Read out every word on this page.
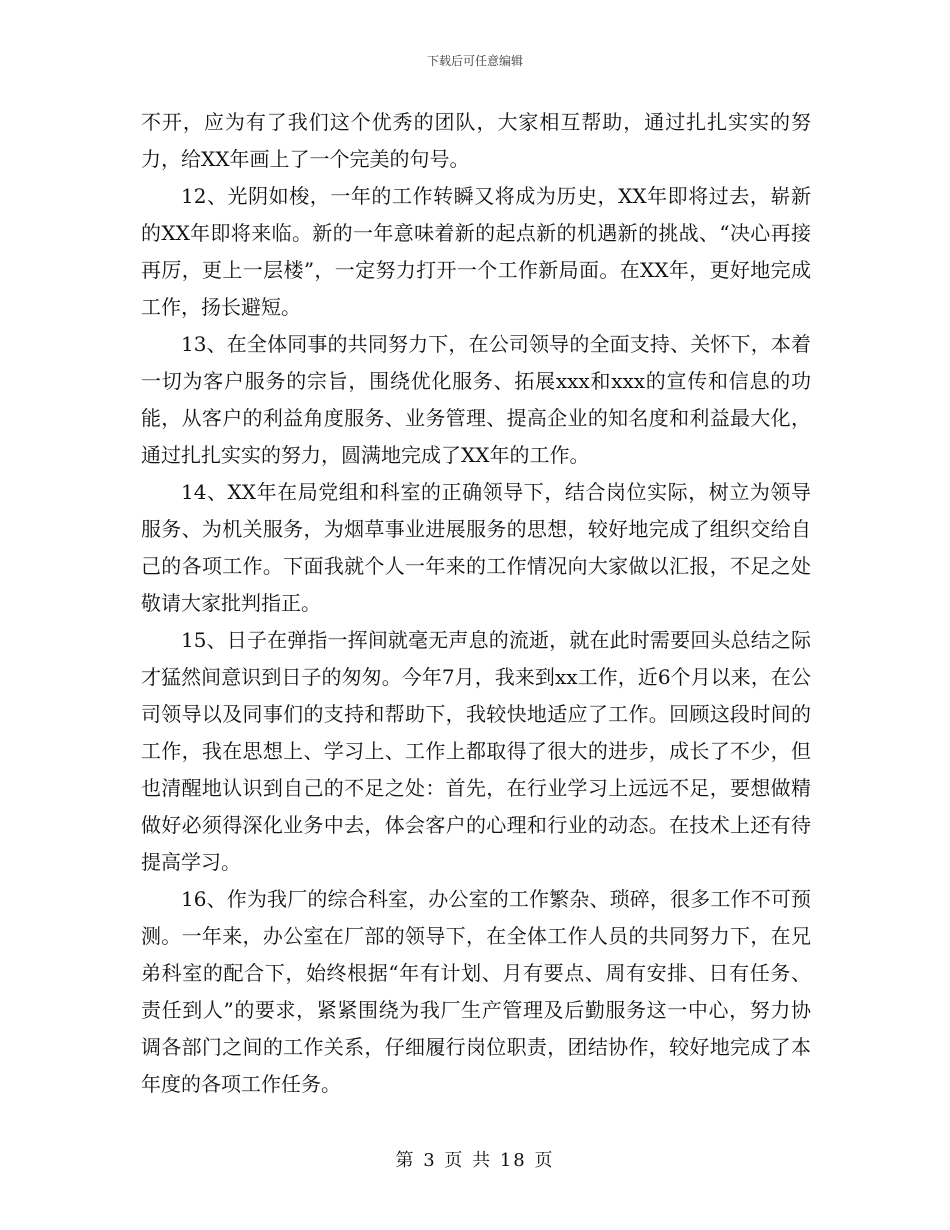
下载后可任意编辑

不开，应为有了我们这个优秀的团队，大家相互帮助，通过扎扎实实的努力，给XX年画上了一个完美的句号。

12、光阴如梭，一年的工作转瞬又将成为历史，XX年即将过去，崭新的XX年即将来临。新的一年意味着新的起点新的机遇新的挑战、“决心再接再厉，更上一层楼”，一定努力打开一个工作新局面。在XX年，更好地完成工作，扬长避短。

13、在全体同事的共同努力下，在公司领导的全面支持、关怀下，本着一切为客户服务的宗旨，围绕优化服务、拓展xxx和xxx的宣传和信息的功能，从客户的利益角度服务、业务管理、提高企业的知名度和利益最大化，通过扎扎实实的努力，圆满地完成了XX年的工作。

14、XX年在局党组和科室的正确领导下，结合岗位实际，树立为领导服务、为机关服务，为烟草事业进展服务的思想，较好地完成了组织交给自己的各项工作。下面我就个人一年来的工作情况向大家做以汇报，不足之处敬请大家批判指正。

15、日子在弹指一挥间就毫无声息的流逝，就在此时需要回头总结之际才猛然间意识到日子的匆匆。今年7月，我来到xx工作，近6个月以来，在公司领导以及同事们的支持和帮助下，我较快地适应了工作。回顾这段时间的工作，我在思想上、学习上、工作上都取得了很大的进步，成长了不少，但也清醒地认识到自己的不足之处：首先，在行业学习上远远不足，要想做精做好必须得深化业务中去，体会客户的心理和行业的动态。在技术上还有待提高学习。

16、作为我厂的综合科室，办公室的工作繁杂、琐碎，很多工作不可预测。一年来，办公室在厂部的领导下，在全体工作人员的共同努力下，在兄弟科室的配合下，始终根据“年有计划、月有要点、周有安排、日有任务、责任到人”的要求，紧紧围绕为我厂生产管理及后勤服务这一中心，努力协调各部门之间的工作关系，仔细履行岗位职责，团结协作，较好地完成了本年度的各项工作任务。

第 3 页 共 18 页
